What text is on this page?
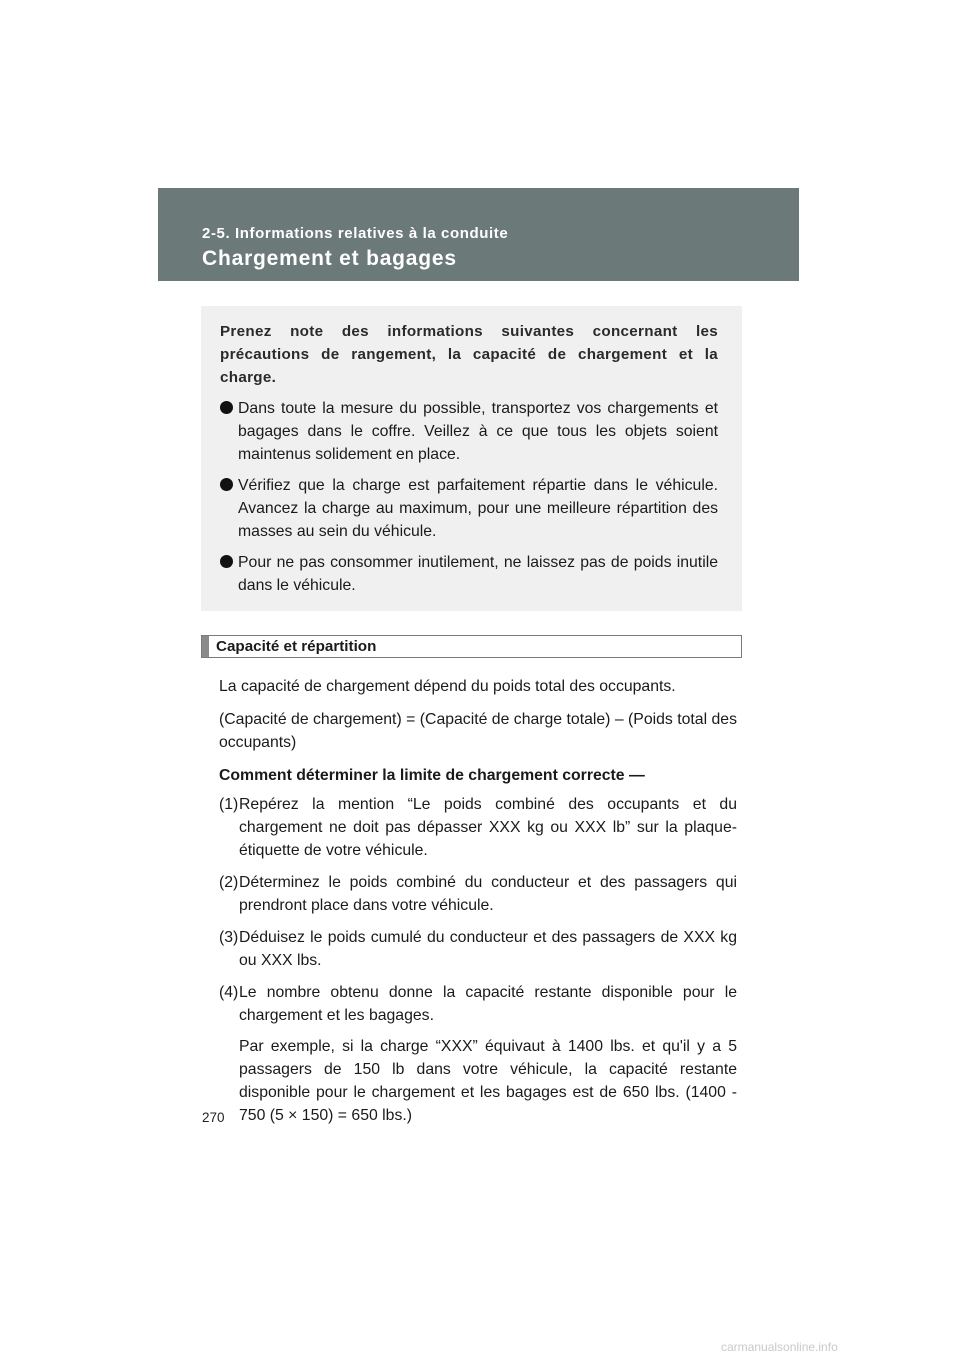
2-5. Informations relatives à la conduite
Chargement et bagages

Prenez note des informations suivantes concernant les précautions de rangement, la capacité de chargement et la charge.

Dans toute la mesure du possible, transportez vos chargements et bagages dans le coffre. Veillez à ce que tous les objets soient maintenus solidement en place.
Vérifiez que la charge est parfaitement répartie dans le véhicule. Avancez la charge au maximum, pour une meilleure répartition des masses au sein du véhicule.
Pour ne pas consommer inutilement, ne laissez pas de poids inutile dans le véhicule.
Capacité et répartition

La capacité de chargement dépend du poids total des occupants.

(Capacité de chargement) = (Capacité de charge totale) – (Poids total des occupants)

Comment déterminer la limite de chargement correcte —

(1) Repérez la mention “Le poids combiné des occupants et du chargement ne doit pas dépasser XXX kg ou XXX lb” sur la plaque-étiquette de votre véhicule.
(2) Déterminez le poids combiné du conducteur et des passagers qui prendront place dans votre véhicule.
(3) Déduisez le poids cumulé du conducteur et des passagers de XXX kg ou XXX lbs.
(4) Le nombre obtenu donne la capacité restante disponible pour le chargement et les bagages.
Par exemple, si la charge “XXX” équivaut à 1400 lbs. et qu'il y a 5 passagers de 150 lb dans votre véhicule, la capacité restante disponible pour le chargement et les bagages est de 650 lbs. (1400 - 750 (5 × 150) = 650 lbs.)
270
carmanualsonline.info
